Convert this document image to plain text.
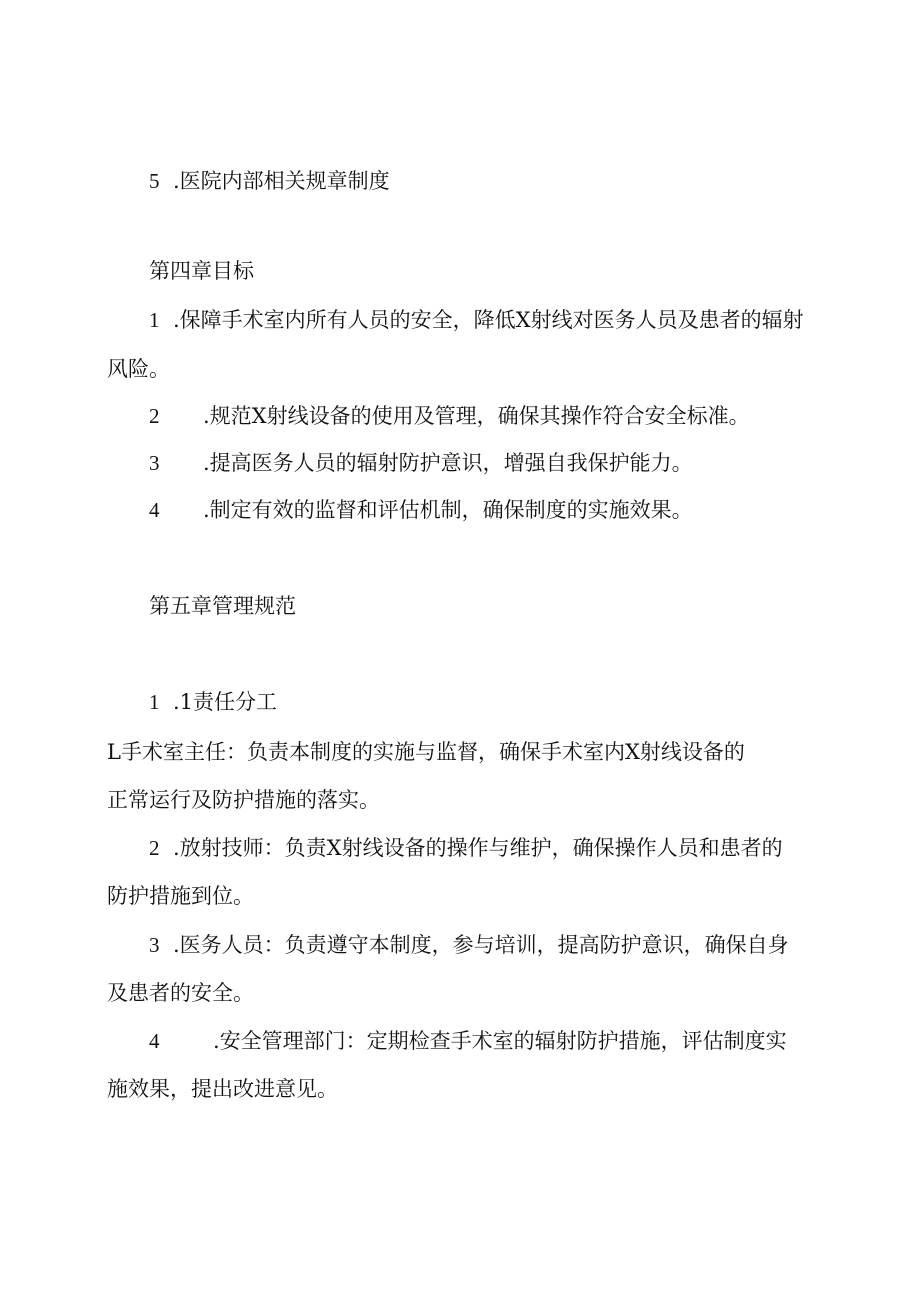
5 .医院内部相关规章制度
第四章目标
1 .保障手术室内所有人员的安全，降低X射线对医务人员及患者的辐射
风险。
2 .规范X射线设备的使用及管理，确保其操作符合安全标准。
3 .提高医务人员的辐射防护意识，增强自我保护能力。
4 .制定有效的监督和评估机制，确保制度的实施效果。
第五章管理规范
1 .1责任分工
L手术室主任：负责本制度的实施与监督，确保手术室内X射线设备的
正常运行及防护措施的落实。
2 .放射技师：负责X射线设备的操作与维护，确保操作人员和患者的
防护措施到位。
3 .医务人员：负责遵守本制度，参与培训，提高防护意识，确保自身
及患者的安全。
4	.安全管理部门：定期检查手术室的辐射防护措施，评估制度实
施效果，提出改进意见。
